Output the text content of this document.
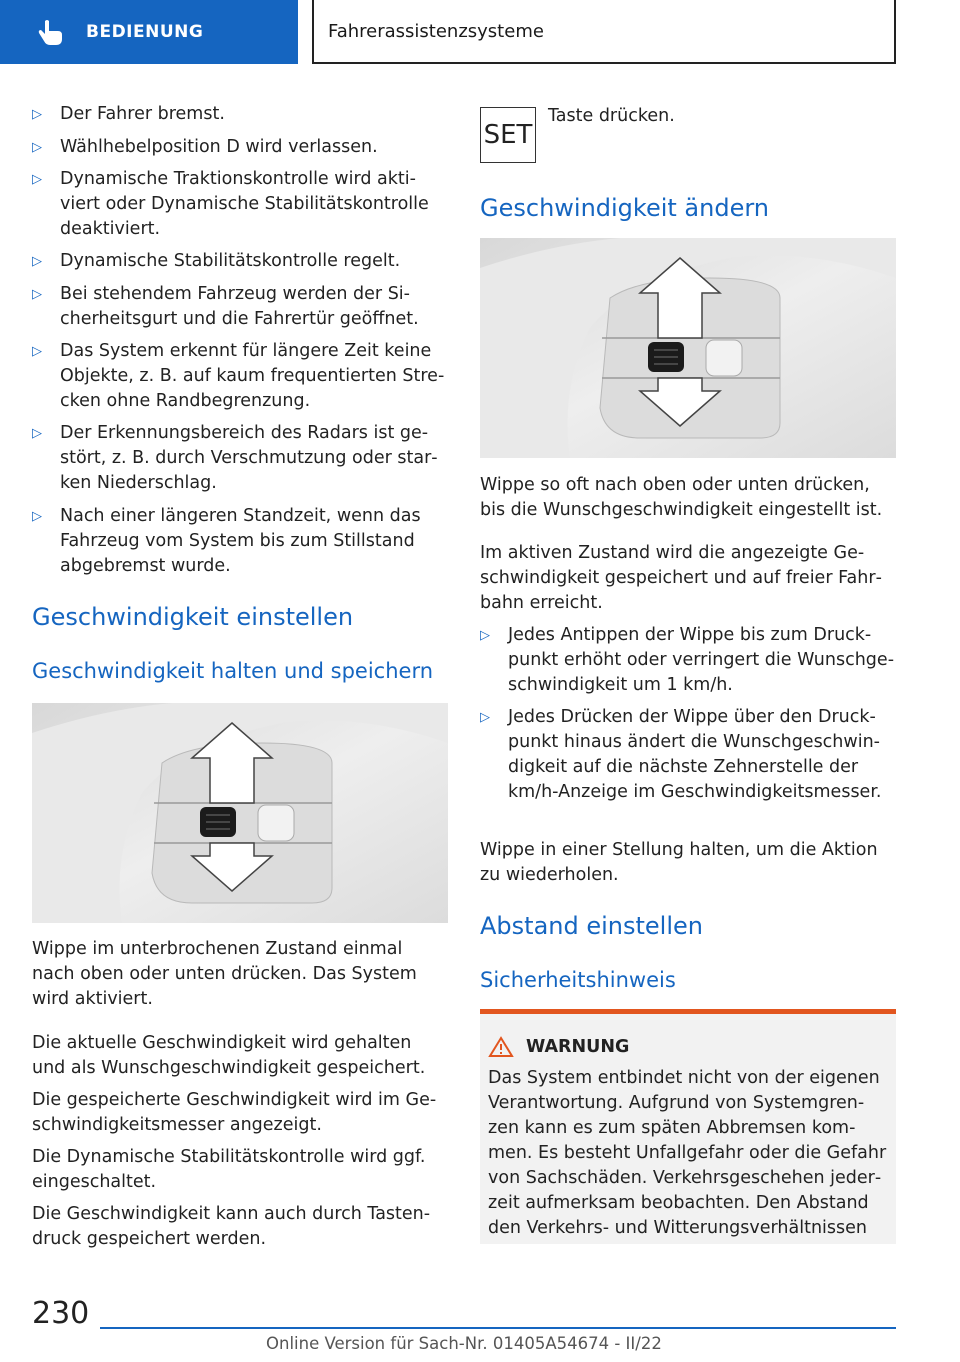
BEDIENUNG	Fahrerassistenzsysteme
▷	Der Fahrer bremst.
▷	Wählhebelposition D wird verlassen.
▷	Dynamische Traktionskontrolle wird aktiviert oder Dynamische Stabilitätskontrolle deaktiviert.
▷	Dynamische Stabilitätskontrolle regelt.
▷	Bei stehendem Fahrzeug werden der Sicherheitsgurt und die Fahrertür geöffnet.
▷	Das System erkennt für längere Zeit keine Objekte, z. B. auf kaum frequentierten Strecken ohne Randbegrenzung.
▷	Der Erkennungsbereich des Radars ist gestört, z. B. durch Verschmutzung oder starken Niederschlag.
▷	Nach einer längeren Standzeit, wenn das Fahrzeug vom System bis zum Stillstand abgebremst wurde.
Geschwindigkeit einstellen
Geschwindigkeit halten und speichern
Wippe im unterbrochenen Zustand einmal nach oben oder unten drücken. Das System wird aktiviert.
Die aktuelle Geschwindigkeit wird gehalten und als Wunschgeschwindigkeit gespeichert.
Die gespeicherte Geschwindigkeit wird im Geschwindigkeitsmesser angezeigt.
Die Dynamische Stabilitätskontrolle wird ggf. eingeschaltet.
Die Geschwindigkeit kann auch durch Tastendruck gespeichert werden.
SET
Taste drücken.
Geschwindigkeit ändern
Wippe so oft nach oben oder unten drücken, bis die Wunschgeschwindigkeit eingestellt ist.
Im aktiven Zustand wird die angezeigte Geschwindigkeit gespeichert und auf freier Fahrbahn erreicht.
▷	Jedes Antippen der Wippe bis zum Druckpunkt erhöht oder verringert die Wunschgeschwindigkeit um 1 km/h.
▷	Jedes Drücken der Wippe über den Druckpunkt hinaus ändert die Wunschgeschwindigkeit auf die nächste Zehnerstelle der km/h-Anzeige im Geschwindigkeitsmesser.
Wippe in einer Stellung halten, um die Aktion zu wiederholen.
Abstand einstellen
Sicherheitshinweis
WARNUNG
Das System entbindet nicht von der eigenen Verantwortung. Aufgrund von Systemgrenzen kann es zum späten Abbremsen kommen. Es besteht Unfallgefahr oder die Gefahr von Sachschäden. Verkehrsgeschehen jederzeit aufmerksam beobachten. Den Abstand den Verkehrs- und Witterungsverhältnissen
230
Online Version für Sach-Nr. 01405A54674 - II/22
